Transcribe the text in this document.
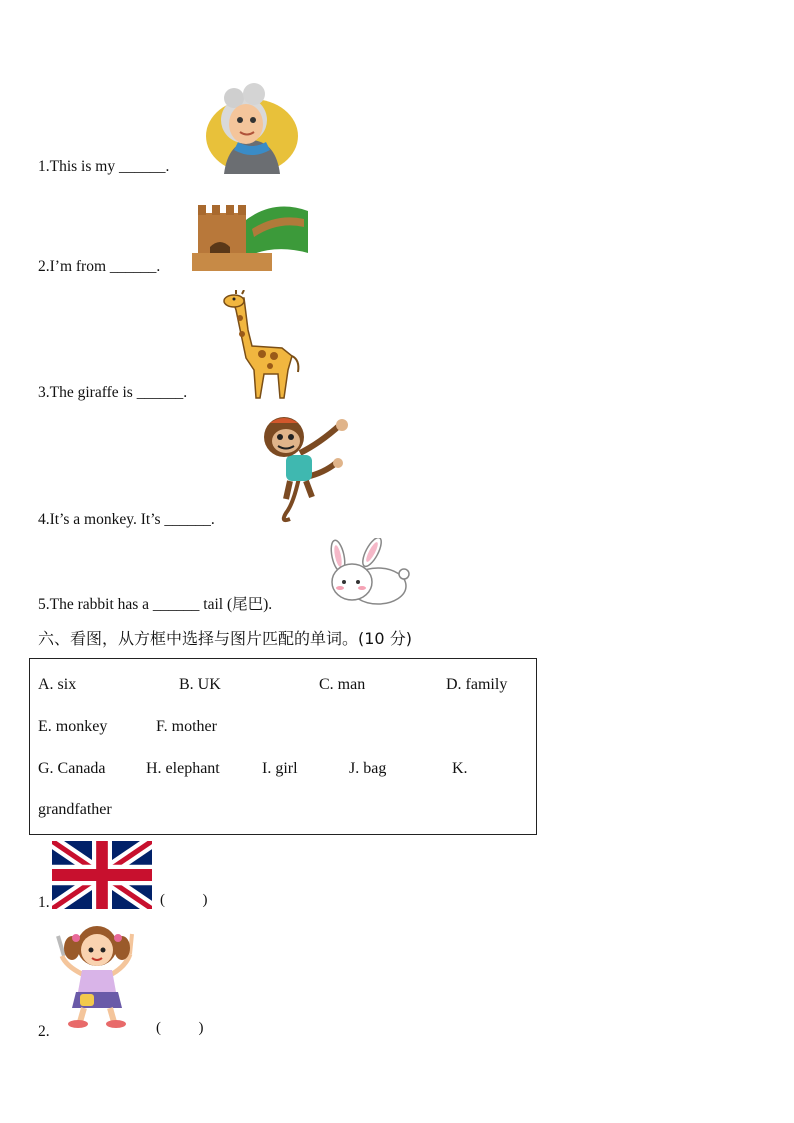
1.This is my ______.
2.I’m from ______.
3.The giraffe is ______.
4.It’s a monkey. It’s ______.
5.The rabbit has a ______ tail (尾巴).
六、看图，从方框中选择与图片匹配的单词。(10 分)
A. six	B. UK	C. man	D. family
E. monkey	F. mother
G. Canada	H. elephant	I. girl	J. bag	K.
grandfather
1.	(          )
2.	(          )
